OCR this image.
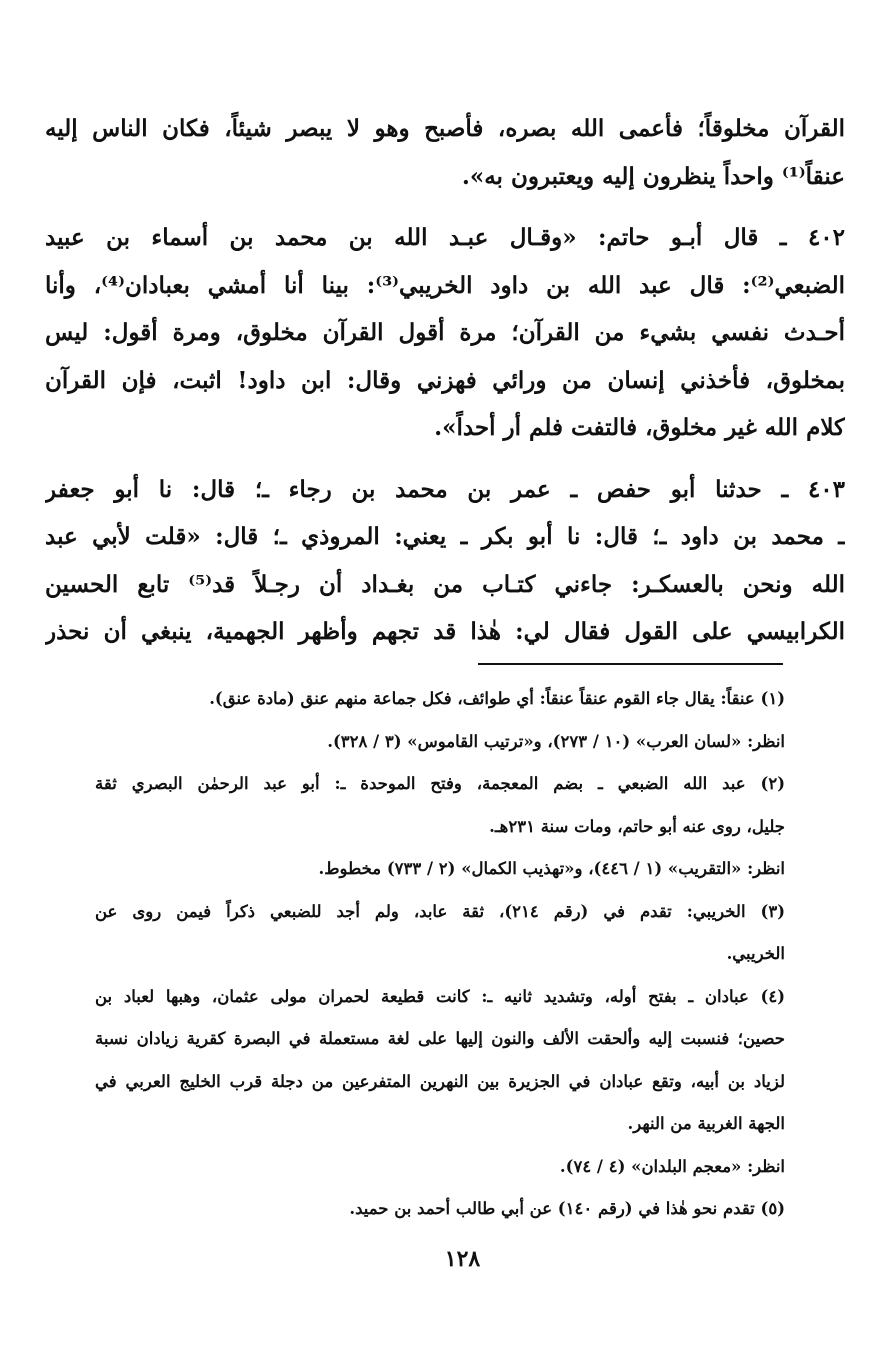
القرآن مخلوقاً؛ فأعمى الله بصره، فأصبح وهو لا يبصر شيئاً، فكان الناس إليه
عنقاً⁽¹⁾ واحداً ينظرون إليه ويعتبرون به».
٤٠٢ ـ قال أبـو حاتم: «وقـال عبـد الله بن محمد بن أسماء بن عبيد
الضبعي⁽²⁾: قال عبد الله بن داود الخريبي⁽³⁾: بينا أنا أمشي بعبادان⁽⁴⁾، وأنا
أحـدث نفسي بشيء من القرآن؛ مرة أقول القرآن مخلوق، ومرة أقول: ليس
بمخلوق، فأخذني إنسان من ورائي فهزني وقال: ابن داود! اثبت، فإن القرآن
كلام الله غير مخلوق، فالتفت فلم أر أحداً».
٤٠٣ ـ حدثنا أبو حفص ـ عمر بن محمد بن رجاء ـ؛ قال: نا أبو جعفر
ـ محمد بن داود ـ؛ قال: نا أبو بكر ـ يعني: المروذي ـ؛ قال: «قلت لأبي عبد
الله ونحن بالعسكـر: جاءني كتـاب من بغـداد أن رجـلاً قد⁽⁵⁾ تابع الحسين
الكرابيسي على القول فقال لي: هٰذا قد تجهم وأظهر الجهمية، ينبغي أن نحذر
(١) عنقاً: يقال جاء القوم عنقاً عنقاً: أي طوائف، فكل جماعة منهم عنق (مادة عنق).
انظر: «لسان العرب» (١٠ / ٢٧٣)، و«ترتيب القاموس» (٣ / ٣٢٨).
(٢) عبد الله الضبعي ـ بضم المعجمة، وفتح الموحدة ـ: أبو عبد الرحمٰن البصري ثقة
جليل، روى عنه أبو حاتم، ومات سنة ٢٣١هـ.
انظر: «التقريب» (١ / ٤٤٦)، و«تهذيب الكمال» (٢ / ٧٣٣) مخطوط.
(٣) الخريبي: تقدم في (رقم ٢١٤)، ثقة عابد، ولم أجد للضبعي ذكراً فيمن روى عن
الخريبي.
(٤) عبادان ـ بفتح أوله، وتشديد ثانيه ـ: كانت قطيعة لحمران مولى عثمان، وهبها لعباد بن
حصين؛ فنسبت إليه وألحقت الألف والنون إليها على لغة مستعملة في البصرة كقرية زيادان نسبة
لزياد بن أبيه، وتقع عبادان في الجزيرة بين النهرين المتفرعين من دجلة قرب الخليج العربي في
الجهة الغربية من النهر.
انظر: «معجم البلدان» (٤ / ٧٤).
(٥) تقدم نحو هٰذا في (رقم ١٤٠) عن أبي طالب أحمد بن حميد.
١٢٨
